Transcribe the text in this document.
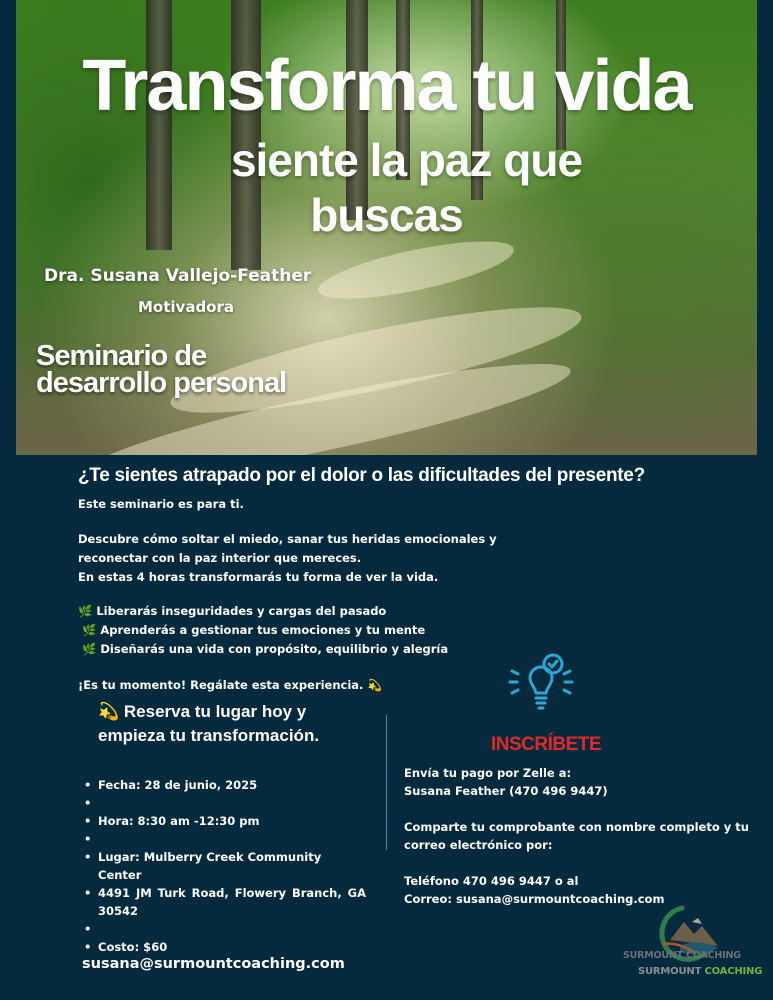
Transforma tu vida
siente la paz que
buscas
Dra. Susana Vallejo-Feather
Motivadora
Seminario de
desarrollo personal
¿Te sientes atrapado por el dolor o las dificultades del presente?
Este seminario es para ti.
Descubre cómo soltar el miedo, sanar tus heridas emocionales y
reconectar con la paz interior que mereces.
En estas 4 horas transformarás tu forma de ver la vida.
🌿 Liberarás inseguridades y cargas del pasado
🌿 Aprenderás a gestionar tus emociones y tu mente
🌿 Diseñarás una vida con propósito, equilibrio y alegría
¡Es tu momento! Regálate esta experiencia. 💫
💫 Reserva tu lugar hoy y
empieza tu transformación.
• Fecha: 28 de junio, 2025
•
• Hora: 8:30 am -12:30 pm
•
• Lugar: Mulberry Creek Community Center
• 4491 JM Turk Road, Flowery Branch, GA 30542
•
• Costo: $60
susana@surmountcoaching.com
INSCRÍBETE
Envía tu pago por Zelle a:
Susana Feather (470 496 9447)
Comparte tu comprobante con nombre completo y tu
correo electrónico por:
Teléfono 470 496 9447 o al
Correo: susana@surmountcoaching.com
SURMOUNT COACHING
SURMOUNT COACHING
